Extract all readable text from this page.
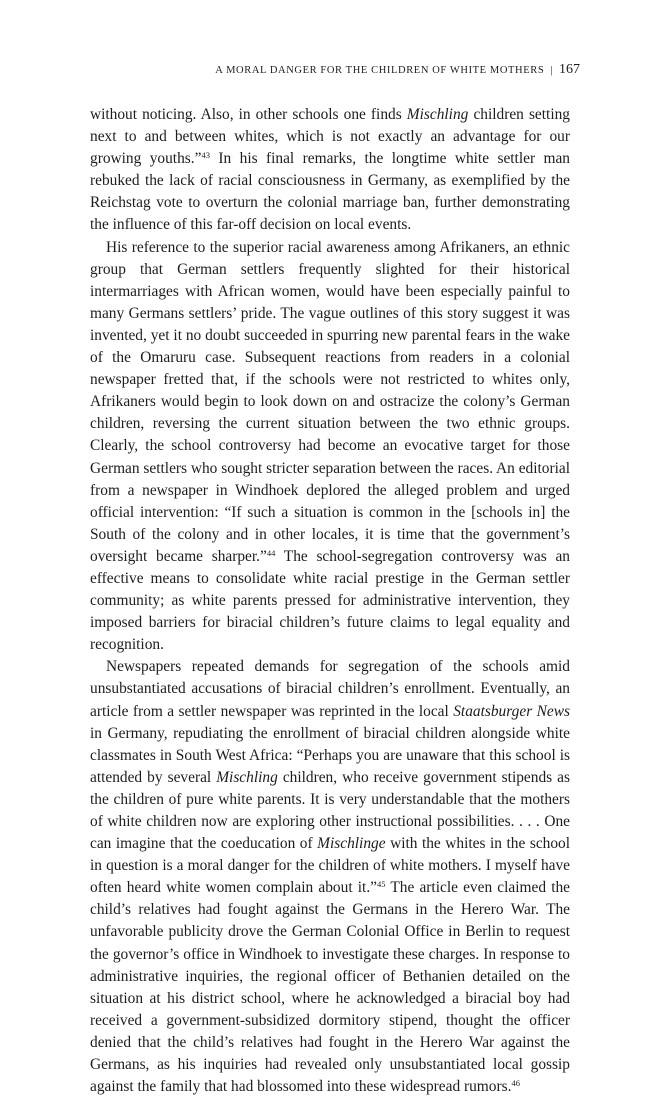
A MORAL DANGER FOR THE CHILDREN OF WHITE MOTHERS | 167

without noticing. Also, in other schools one finds Mischling children setting next to and between whites, which is not exactly an advantage for our growing youths.”$^{43}$ In his final remarks, the longtime white settler man rebuked the lack of racial consciousness in Germany, as exemplified by the Reichstag vote to overturn the colonial marriage ban, further demonstrating the influence of this far-off decision on local events.

His reference to the superior racial awareness among Afrikaners, an ethnic group that German settlers frequently slighted for their historical intermarriages with African women, would have been especially painful to many Germans settlers’ pride. The vague outlines of this story suggest it was invented, yet it no doubt succeeded in spurring new parental fears in the wake of the Omaruru case. Subsequent reactions from readers in a colonial newspaper fretted that, if the schools were not restricted to whites only, Afrikaners would begin to look down on and ostracize the colony’s German children, reversing the current situation between the two ethnic groups. Clearly, the school controversy had become an evocative target for those German settlers who sought stricter separation between the races. An editorial from a newspaper in Windhoek deplored the alleged problem and urged official intervention: “If such a situation is common in the [schools in] the South of the colony and in other locales, it is time that the government’s oversight became sharper.”$^{44}$ The school-segregation controversy was an effective means to consolidate white racial prestige in the German settler community; as white parents pressed for administrative intervention, they imposed barriers for biracial children’s future claims to legal equality and recognition.

Newspapers repeated demands for segregation of the schools amid unsubstantiated accusations of biracial children’s enrollment. Eventually, an article from a settler newspaper was reprinted in the local Staatsburger News in Germany, repudiating the enrollment of biracial children alongside white classmates in South West Africa: “Perhaps you are unaware that this school is attended by several Mischling children, who receive government stipends as the children of pure white parents. It is very understandable that the mothers of white children now are exploring other instructional possibilities. . . . One can imagine that the coeducation of Mischlinge with the whites in the school in question is a moral danger for the children of white mothers. I myself have often heard white women complain about it.”$^{45}$ The article even claimed the child’s relatives had fought against the Germans in the Herero War. The unfavorable publicity drove the German Colonial Office in Berlin to request the governor’s office in Windhoek to investigate these charges. In response to administrative inquiries, the regional officer of Bethanien detailed on the situation at his district school, where he acknowledged a biracial boy had received a government-subsidized dormitory stipend, thought the officer denied that the child’s relatives had fought in the Herero War against the Germans, as his inquiries had revealed only unsubstantiated local gossip against the family that had blossomed into these widespread rumors.$^{46}$
